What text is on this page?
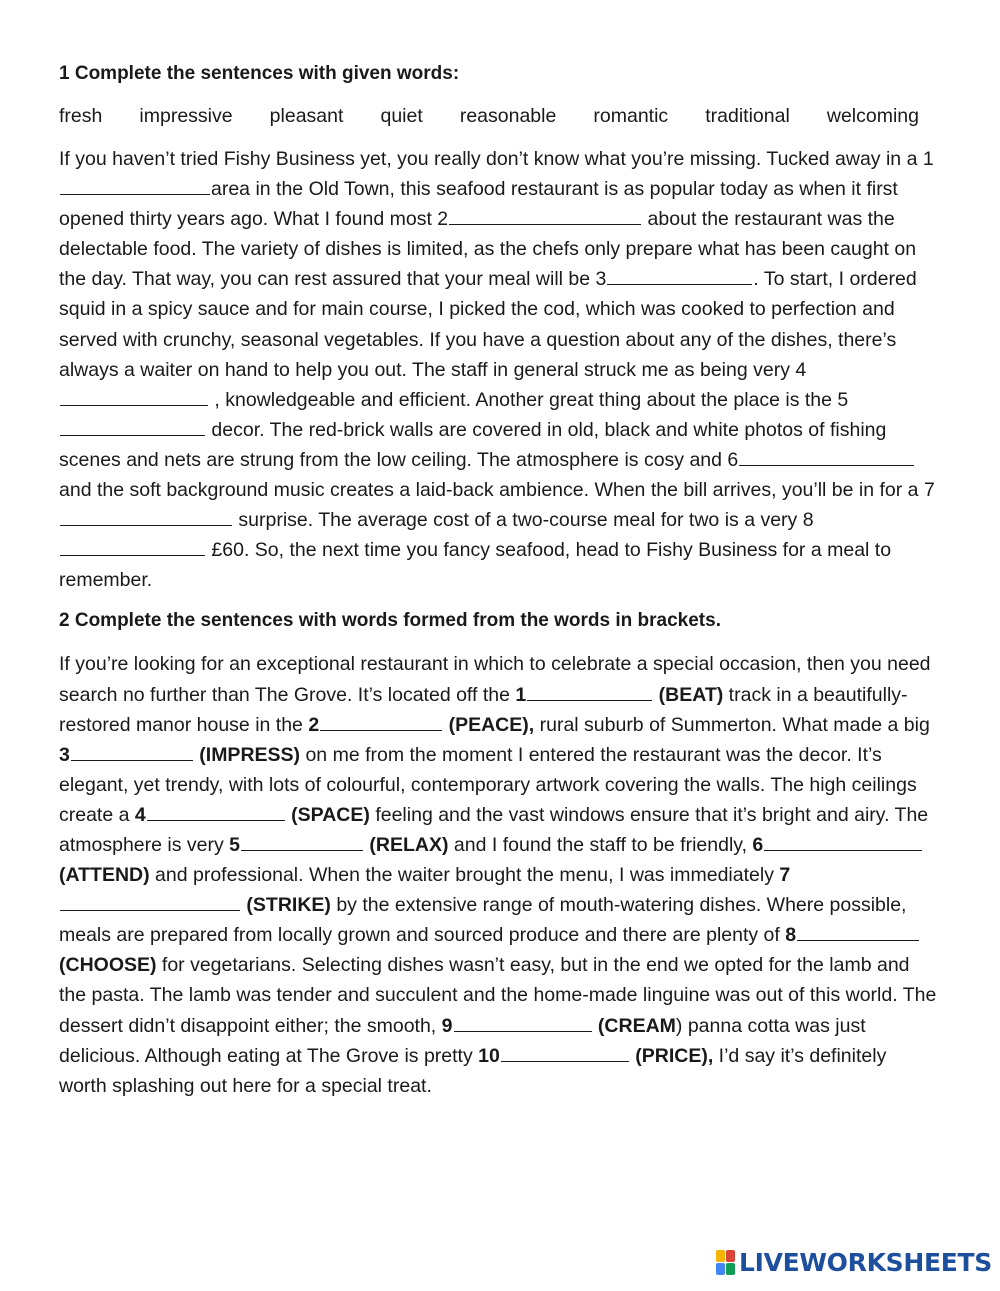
1 Complete the sentences with given words:
fresh impressive pleasant quiet reasonable romantic traditional welcoming

If you haven’t tried Fishy Business yet, you really don’t know what you’re missing. Tucked away in a 1area in the Old Town, this seafood restaurant is as popular today as when it first opened thirty years ago. What I found most 2	about the restaurant was the delectable food. The variety of dishes is limited, as the chefs only prepare what has been caught on the day. That way, you can rest assured that your meal will be 3	. To start, I ordered squid in a spicy sauce and for main course, I picked the cod, which was cooked to perfection and served with crunchy, seasonal vegetables. If you have a question about any of the dishes, there’s always a waiter on hand to help you out. The staff in general struck me as being very 4 , knowledgeable and efficient. Another great thing about the place is the 5 decor. The red-brick walls are covered in old, black and white photos of fishing scenes and nets are strung from the low ceiling. The atmosphere is cosy and 6 and the soft background music creates a laid-back ambience. When the bill arrives, you’ll be in for a 7 surprise. The average cost of a two-course meal for two is a very 8 £60. So, the next time you fancy seafood, head to Fishy Business for a meal to remember.

2 Complete the sentences with words formed from the words in brackets.

If you’re looking for an exceptional restaurant in which to celebrate a special occasion, then you need search no further than The Grove. It’s located off the 1	(BEAT) track in a beautifully-restored manor house in the 2	(PEACE), rural suburb of Summerton. What made a big 3	(IMPRESS) on me from the moment I entered the restaurant was the decor. It’s elegant, yet trendy, with lots of colourful, contemporary artwork covering the walls. The high ceilings create a 4	(SPACE) feeling and the vast windows ensure that it’s bright and airy. The atmosphere is very 5	(RELAX) and I found the staff to be friendly, 6 (ATTEND) and professional. When the waiter brought the menu, I was immediately 7 (STRIKE) by the extensive range of mouth-watering dishes. Where possible, meals are prepared from locally grown and sourced produce and there are plenty of 8 (CHOOSE) for vegetarians. Selecting dishes wasn’t easy, but in the end we opted for the lamb and the pasta. The lamb was tender and succulent and the home-made linguine was out of this world. The dessert didn’t disappoint either; the smooth, 9	(CREAM) panna cotta was just delicious. Although eating at The Grove is pretty 10	(PRICE), I’d say it’s definitely worth splashing out here for a special treat.

LIVEWORKSHEETS
